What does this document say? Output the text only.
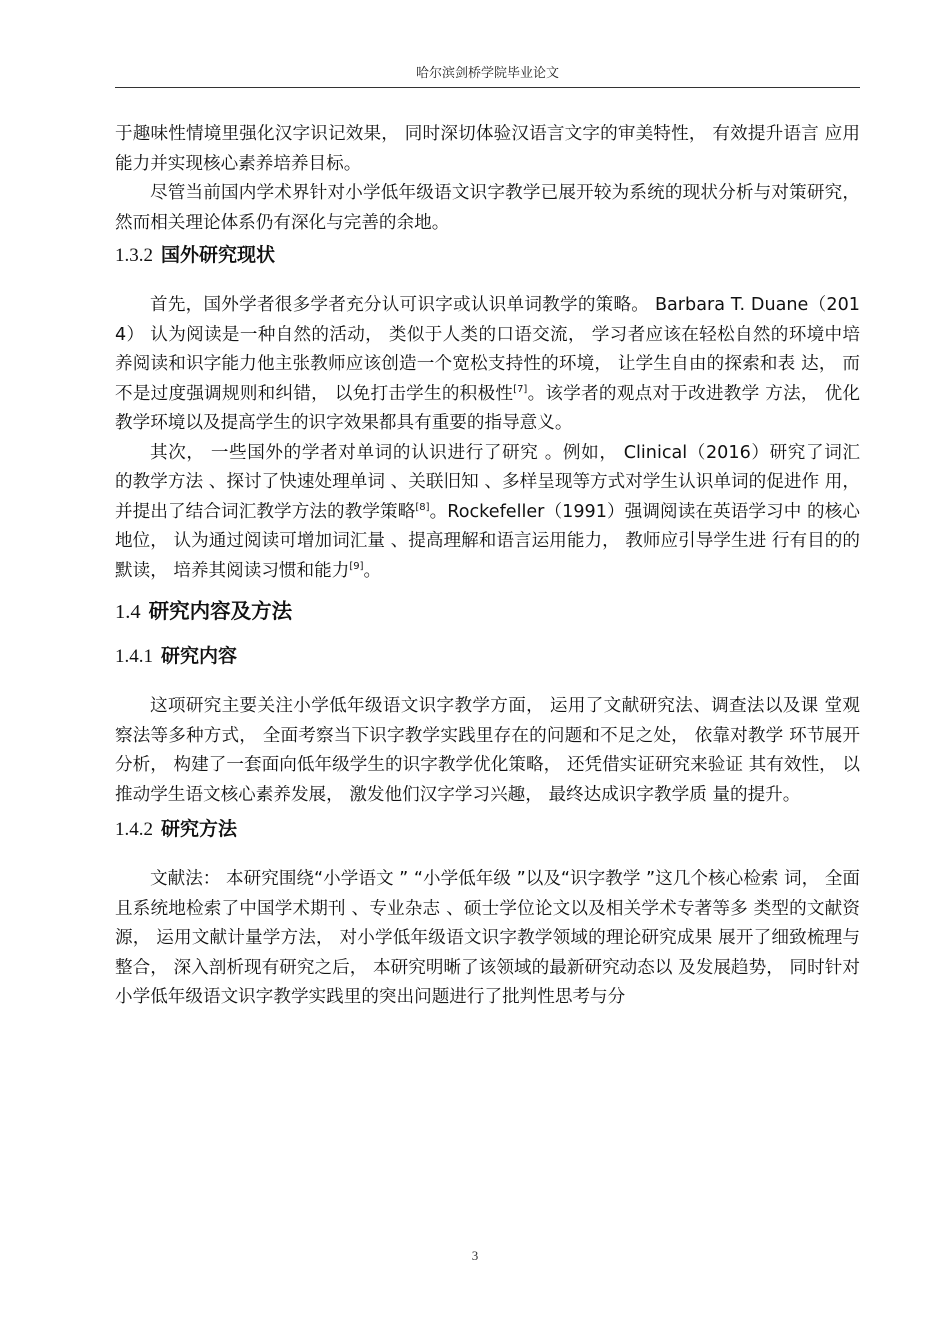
哈尔滨剑桥学院毕业论文

于趣味性情境里强化汉字识记效果， 同时深切体验汉语言文字的审美特性， 有效提升语言 应用能力并实现核心素养培养目标。

尽管当前国内学术界针对小学低年级语文识字教学已展开较为系统的现状分析与对策研究， 然而相关理论体系仍有深化与完善的余地。

1.3.2 国外研究现状

首先，国外学者很多学者充分认可识字或认识单词教学的策略。 Barbara T. Duane（2014） 认为阅读是一种自然的活动， 类似于人类的口语交流， 学习者应该在轻松自然的环境中培 养阅读和识字能力他主张教师应该创造一个宽松支持性的环境， 让学生自由的探索和表 达， 而不是过度强调规则和纠错， 以免打击学生的积极性[7]。该学者的观点对于改进教学 方法， 优化教学环境以及提高学生的识字效果都具有重要的指导意义。

其次， 一些国外的学者对单词的认识进行了研究 。例如， Clinical（2016）研究了词汇 的教学方法 、探讨了快速处理单词 、关联旧知 、多样呈现等方式对学生认识单词的促进作 用， 并提出了结合词汇教学方法的教学策略[8]。Rockefeller（1991）强调阅读在英语学习中 的核心地位， 认为通过阅读可增加词汇量 、提高理解和语言运用能力， 教师应引导学生进 行有目的的默读， 培养其阅读习惯和能力[9]。

1.4 研究内容及方法
1.4.1 研究内容

这项研究主要关注小学低年级语文识字教学方面， 运用了文献研究法、调查法以及课 堂观察法等多种方式， 全面考察当下识字教学实践里存在的问题和不足之处， 依靠对教学 环节展开分析， 构建了一套面向低年级学生的识字教学优化策略， 还凭借实证研究来验证 其有效性， 以推动学生语文核心素养发展， 激发他们汉字学习兴趣， 最终达成识字教学质 量的提升。

1.4.2 研究方法

文献法： 本研究围绕“小学语文 ” “小学低年级 ”以及“识字教学 ”这几个核心检索 词， 全面且系统地检索了中国学术期刊 、专业杂志 、硕士学位论文以及相关学术专著等多 类型的文献资源， 运用文献计量学方法， 对小学低年级语文识字教学领域的理论研究成果 展开了细致梳理与整合， 深入剖析现有研究之后， 本研究明晰了该领域的最新研究动态以 及发展趋势， 同时针对小学低年级语文识字教学实践里的突出问题进行了批判性思考与分

3
